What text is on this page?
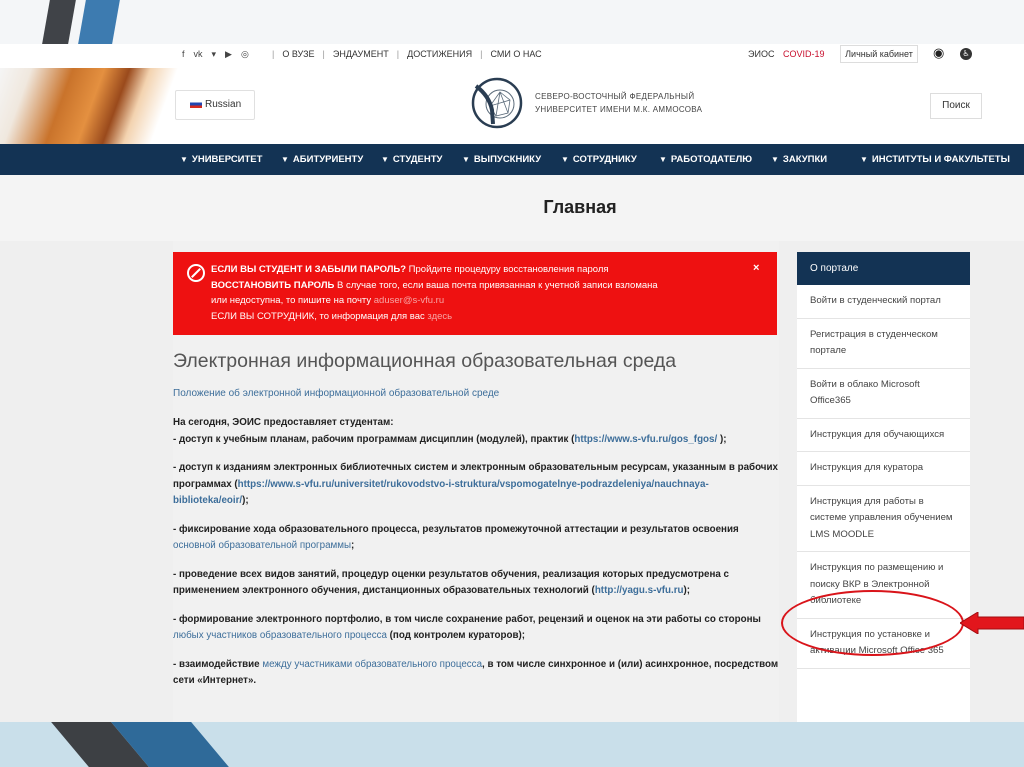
f vk ▾ ▶ ◎	| О ВУЗЕ | ЭНДАУМЕНТ | ДОСТИЖЕНИЯ | СМИ О НАС	ЭИОС COVID-19	Личный кабинет	◉	♿
Russian
СЕВЕРО-ВОСТОЧНЫЙ ФЕДЕРАЛЬНЫЙ
УНИВЕРСИТЕТ ИМЕНИ М.К. АММОСОВА	Поиск
▼ УНИВЕРСИТЕТ ▼ АБИТУРИЕНТУ ▼ СТУДЕНТУ ▼ ВЫПУСКНИКУ ▼ СОТРУДНИКУ	▼ РАБОТОДАТЕЛЮ ▼ ЗАКУПКИ	▼ ИНСТИТУТЫ И ФАКУЛЬТЕТЫ
Главная
ЕСЛИ ВЫ СТУДЕНТ И ЗАБЫЛИ ПАРОЛЬ? Пройдите процедуру восстановления пароля
ВОССТАНОВИТЬ ПАРОЛЬ В случае того, если ваша почта привязанная к учетной записи взломана
или недоступна, то пишите на почту aduser@s-vfu.ru
ЕСЛИ ВЫ СОТРУДНИК, то информация для вас здесь
×
Электронная информационная образовательная среда
Положение об электронной информационной образовательной среде

На сегодня, ЭОИС предоставляет студентам:
- доступ к учебным планам, рабочим программам дисциплин (модулей), практик (https://www.s-vfu.ru/gos_fgos/ );

- доступ к изданиям электронных библиотечных систем и электронным образовательным ресурсам, указанным в рабочих программах (https://www.s-vfu.ru/universitet/rukovodstvo-i-struktura/vspomogatelnye-podrazdeleniya/nauchnaya-biblioteka/eoir/);

- фиксирование хода образовательного процесса, результатов промежуточной аттестации и результатов освоения основной образовательной программы;

- проведение всех видов занятий, процедур оценки результатов обучения, реализация которых предусмотрена с применением электронного обучения, дистанционных образовательных технологий (http://yagu.s-vfu.ru);

- формирование электронного портфолио, в том числе сохранение работ, рецензий и оценок на эти работы со стороны любых участников образовательного процесса (под контролем кураторов);

- взаимодействие между участниками образовательного процесса, в том числе синхронное и (или) асинхронное, посредством сети «Интернет».

О портале
Войти в студенческий портал
Регистрация в студенческом портале
Войти в облако Microsoft Office365
Инструкция для обучающихся
Инструкция для куратора
Инструкция для работы в системе управления обучением LMS MOODLE
Инструкция по размещению и поиску ВКР в Электронной библиотеке
Инструкция по установке и активации Microsoft Office 365
